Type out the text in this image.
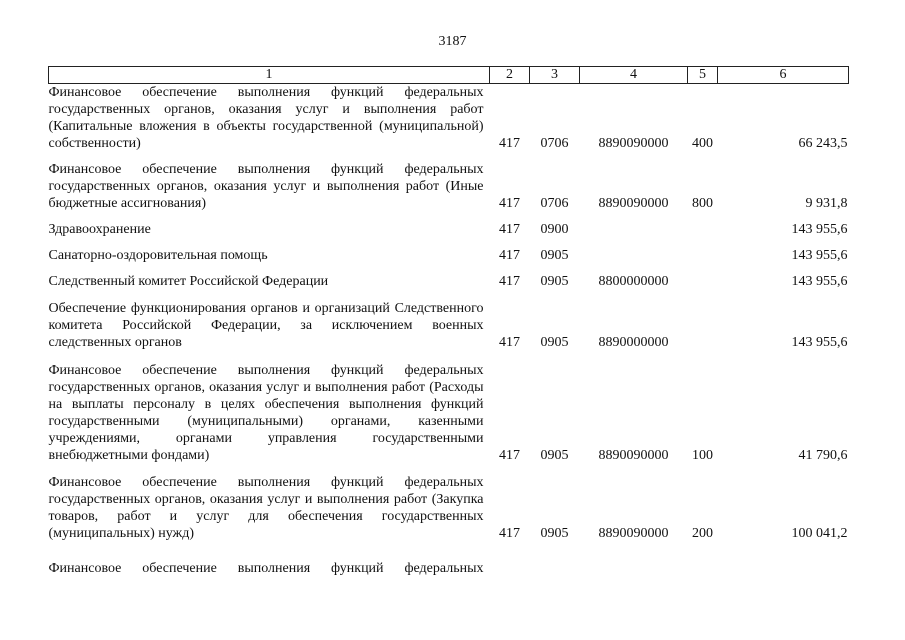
3187
1	2	3	4	5	6
Финансовое обеспечение выполнения функций федеральных государственных органов, оказания услуг и выполнения работ (Капитальные вложения в объекты государственной (муниципальной) собственности)	417	0706	8890090000	400	66 243,5
Финансовое обеспечение выполнения функций федеральных государственных органов, оказания услуг и выполнения работ (Иные бюджетные ассигнования)	417	0706	8890090000	800	9 931,8
Здравоохранение	417	0900			143 955,6
Санаторно-оздоровительная помощь	417	0905			143 955,6
Следственный комитет Российской Федерации	417	0905	8800000000		143 955,6
Обеспечение функционирования органов и организаций Следственного комитета Российской Федерации, за исключением военных следственных органов	417	0905	8890000000		143 955,6
Финансовое обеспечение выполнения функций федеральных государственных органов, оказания услуг и выполнения работ (Расходы на выплаты персоналу в целях обеспечения выполнения функций государственными (муниципальными) органами, казенными учреждениями, органами управления государственными внебюджетными фондами)	417	0905	8890090000	100	41 790,6
Финансовое обеспечение выполнения функций федеральных государственных органов, оказания услуг и выполнения работ (Закупка товаров, работ и услуг для обеспечения государственных (муниципальных) нужд)	417	0905	8890090000	200	100 041,2
Финансовое обеспечение выполнения функций федеральных					
